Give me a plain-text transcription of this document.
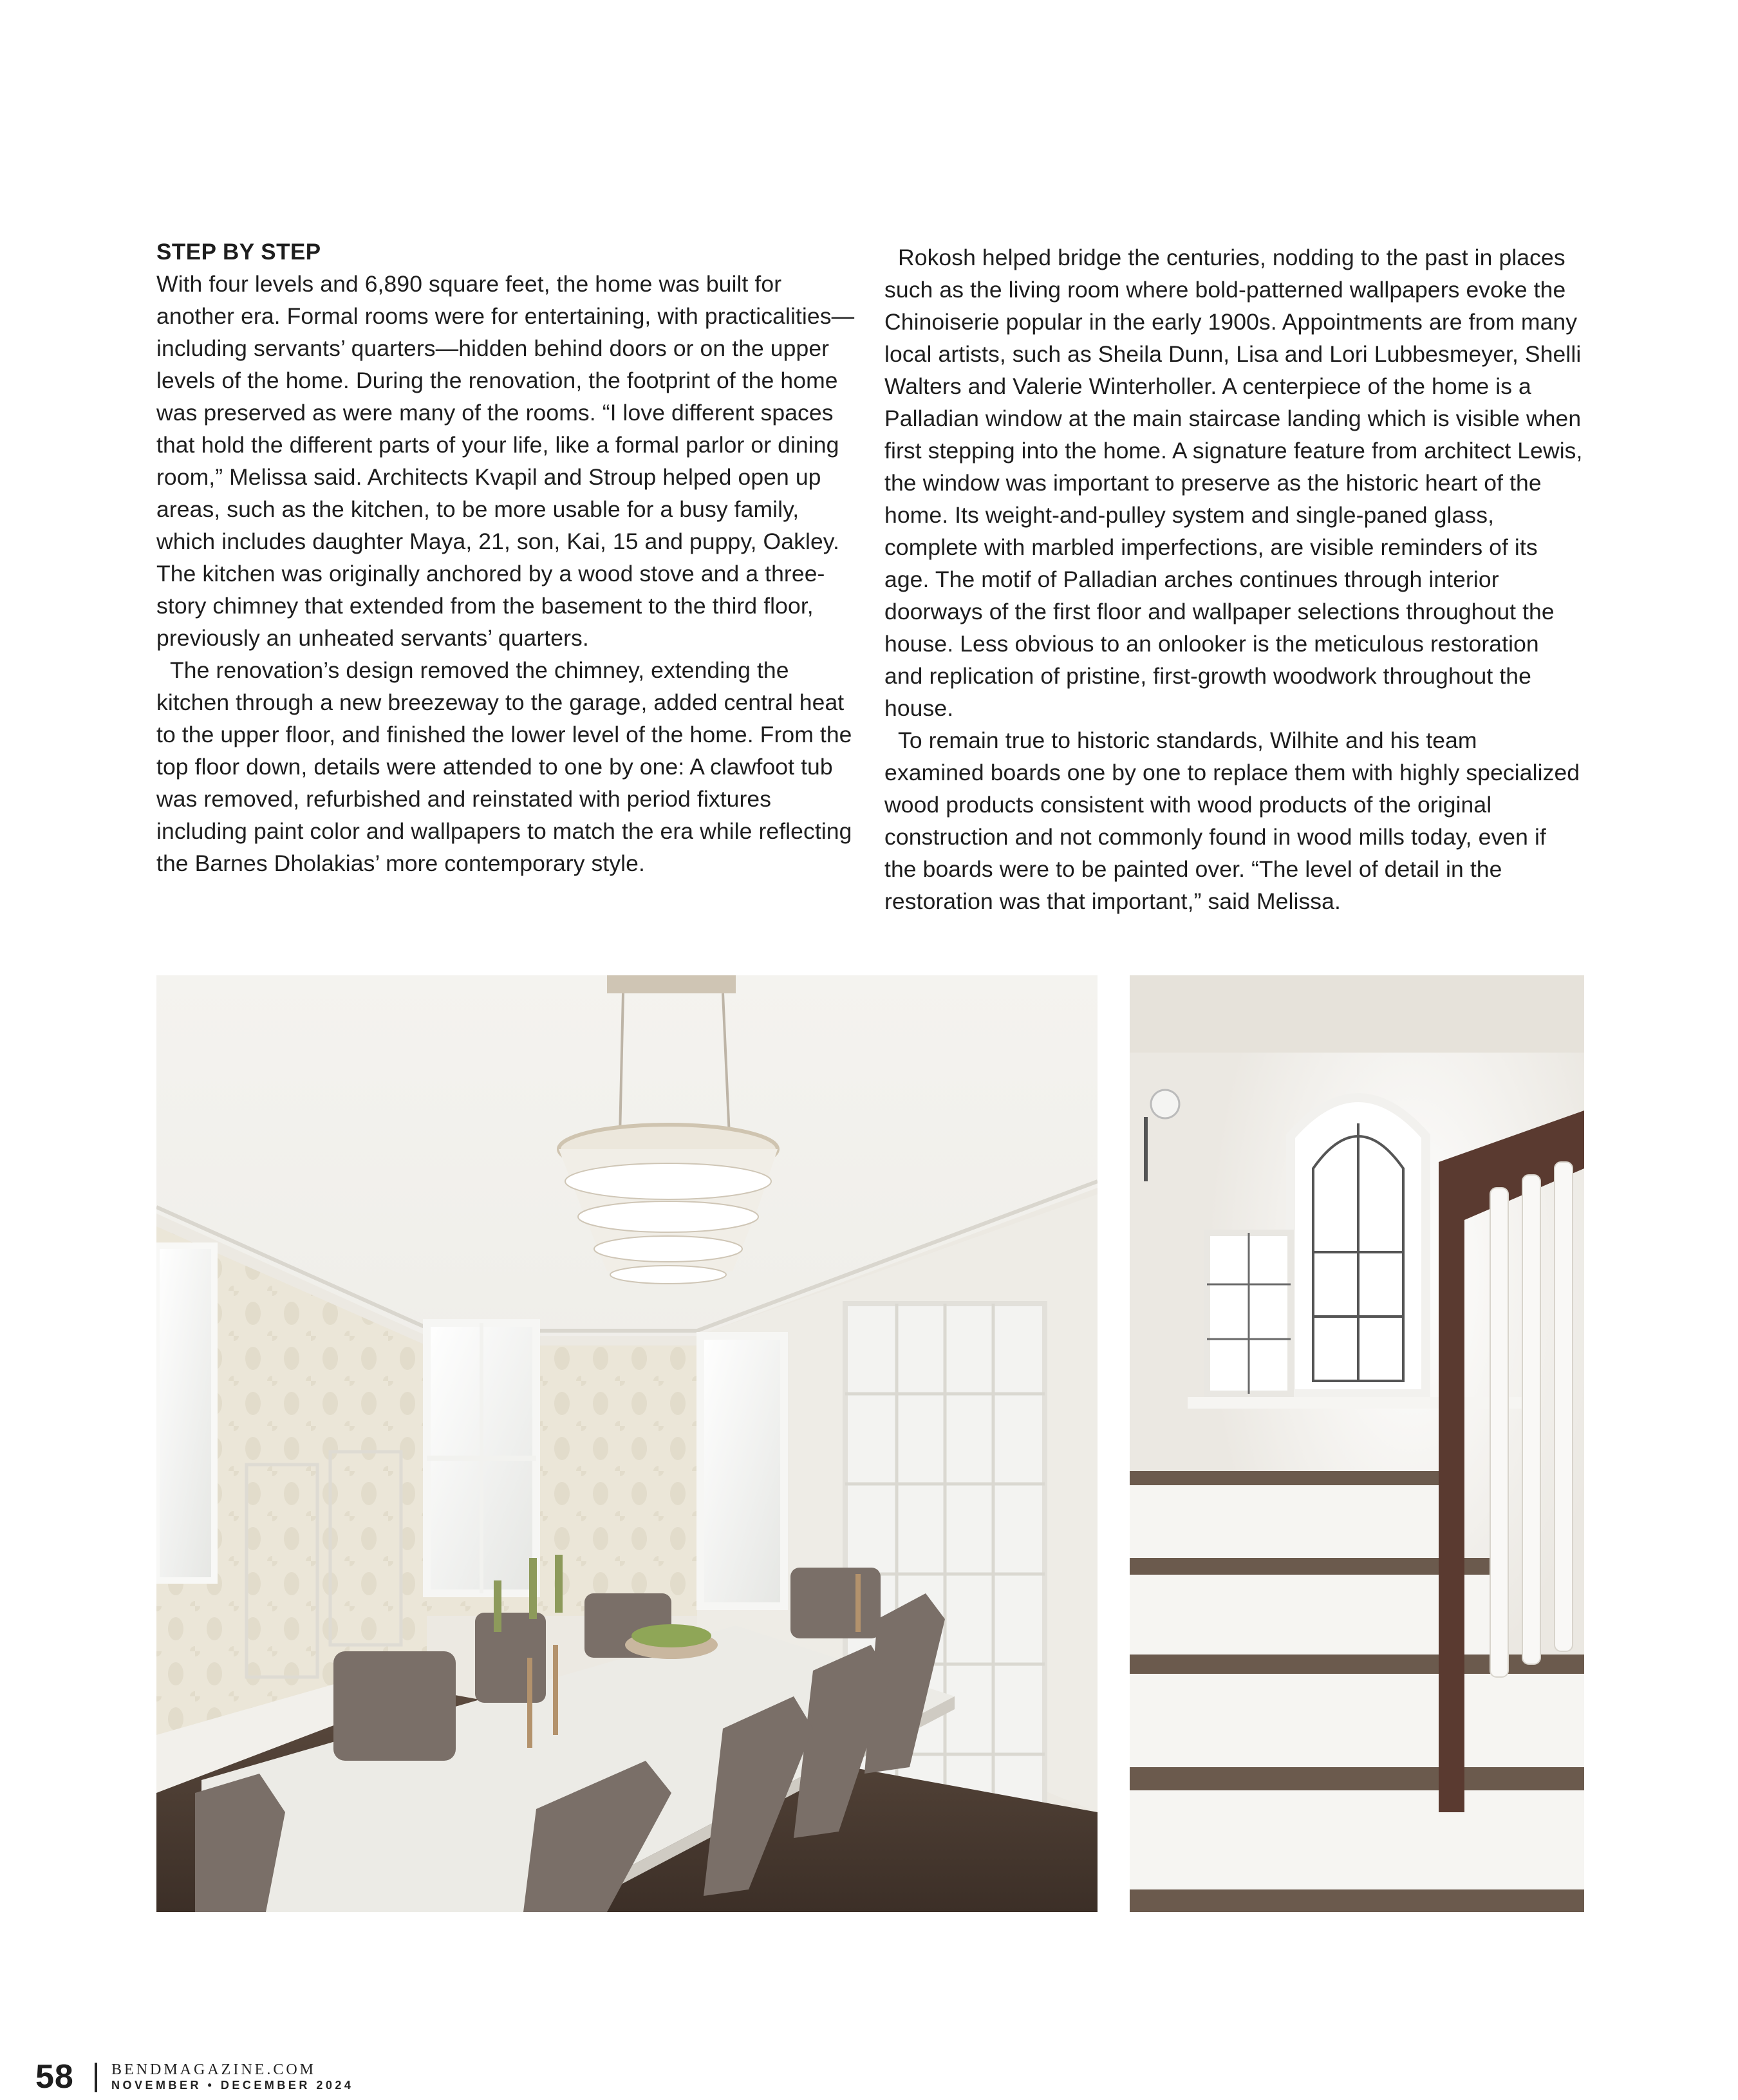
STEP BY STEP

With four levels and 6,890 square feet, the home was built for another era. Formal rooms were for entertaining, with practicalities—including servants’ quarters—hidden behind doors or on the upper levels of the home. During the renovation, the footprint of the home was preserved as were many of the rooms. “I love different spaces that hold the different parts of your life, like a formal parlor or dining room,” Melissa said. Architects Kvapil and Stroup helped open up areas, such as the kitchen, to be more usable for a busy family, which includes daughter Maya, 21, son, Kai, 15 and puppy, Oakley. The kitchen was originally anchored by a wood stove and a three-story chimney that extended from the basement to the third floor, previously an unheated servants’ quarters.

The renovation’s design removed the chimney, extending the kitchen through a new breezeway to the garage, added central heat to the upper floor, and finished the lower level of the home. From the top floor down, details were attended to one by one: A clawfoot tub was removed, refurbished and reinstated with period fixtures including paint color and wallpapers to match the era while reflecting the Barnes Dholakias’ more contemporary style.

Rokosh helped bridge the centuries, nodding to the past in places such as the living room where bold-patterned wallpapers evoke the Chinoiserie popular in the early 1900s. Appointments are from many local artists, such as Sheila Dunn, Lisa and Lori Lubbesmeyer, Shelli Walters and Valerie Winterholler. A centerpiece of the home is a Palladian window at the main staircase landing which is visible when first stepping into the home. A signature feature from architect Lewis, the window was important to preserve as the historic heart of the home. Its weight-and-pulley system and single-paned glass, complete with marbled imperfections, are visible reminders of its age. The motif of Palladian arches continues through interior doorways of the first floor and wallpaper selections throughout the house. Less obvious to an onlooker is the meticulous restoration and replication of pristine, first-growth woodwork throughout the house.

To remain true to historic standards, Wilhite and his team examined boards one by one to replace them with highly specialized wood products consistent with wood products of the original construction and not commonly found in wood mills today, even if the boards were to be painted over. “The level of detail in the restoration was that important,” said Melissa.

58 BENDMAGAZINE.COM
NOVEMBER • DECEMBER 2024
